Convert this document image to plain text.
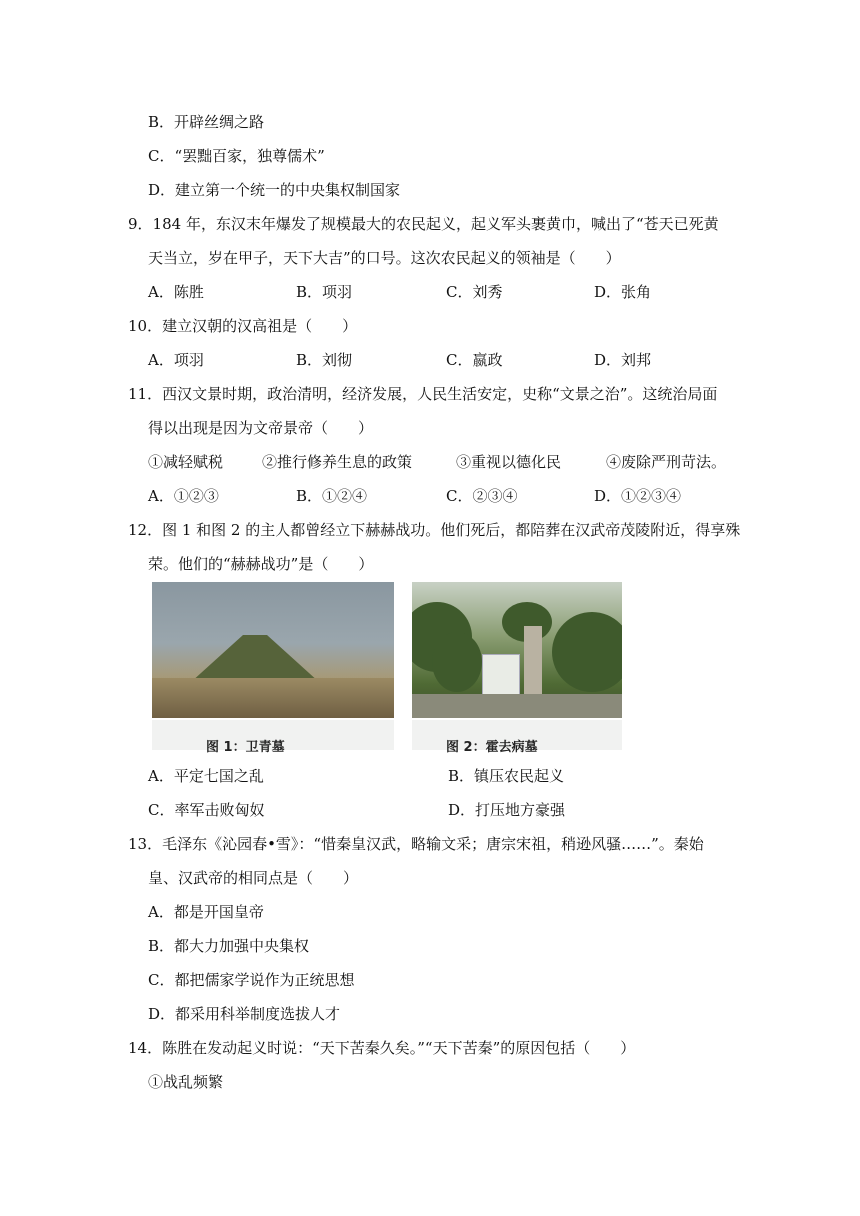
B．开辟丝绸之路
C．“罢黜百家，独尊儒术”
D．建立第一个统一的中央集权制国家
9．184 年，东汉末年爆发了规模最大的农民起义，起义军头裹黄巾，喊出了“苍天已死黄
天当立，岁在甲子，天下大吉”的口号。这次农民起义的领袖是（　　）
A．陈胜	B．项羽	C．刘秀	D．张角
10．建立汉朝的汉高祖是（　　）
A．项羽	B．刘彻	C．嬴政	D．刘邦
11．西汉文景时期，政治清明，经济发展，人民生活安定，史称“文景之治”。这统治局面
得以出现是因为文帝景帝（　　）
①减轻赋税	②推行修养生息的政策	③重视以德化民	④废除严刑苛法。
A．①②③	B．①②④	C．②③④	D．①②③④
12．图 1 和图 2 的主人都曾经立下赫赫战功。他们死后，都陪葬在汉武帝茂陵附近，得享殊
荣。他们的“赫赫战功”是（　　）
图 1：卫青墓	图 2：霍去病墓
A．平定七国之乱	B．镇压农民起义
C．率军击败匈奴	D．打压地方豪强
13．毛泽东《沁园春•雪》：“惜秦皇汉武，略输文采；唐宗宋祖，稍逊风骚……”。秦始
皇、汉武帝的相同点是（　　）
A．都是开国皇帝
B．都大力加强中央集权
C．都把儒家学说作为正统思想
D．都采用科举制度选拔人才
14．陈胜在发动起义时说：“天下苦秦久矣。”“天下苦秦”的原因包括（　　）
①战乱频繁
